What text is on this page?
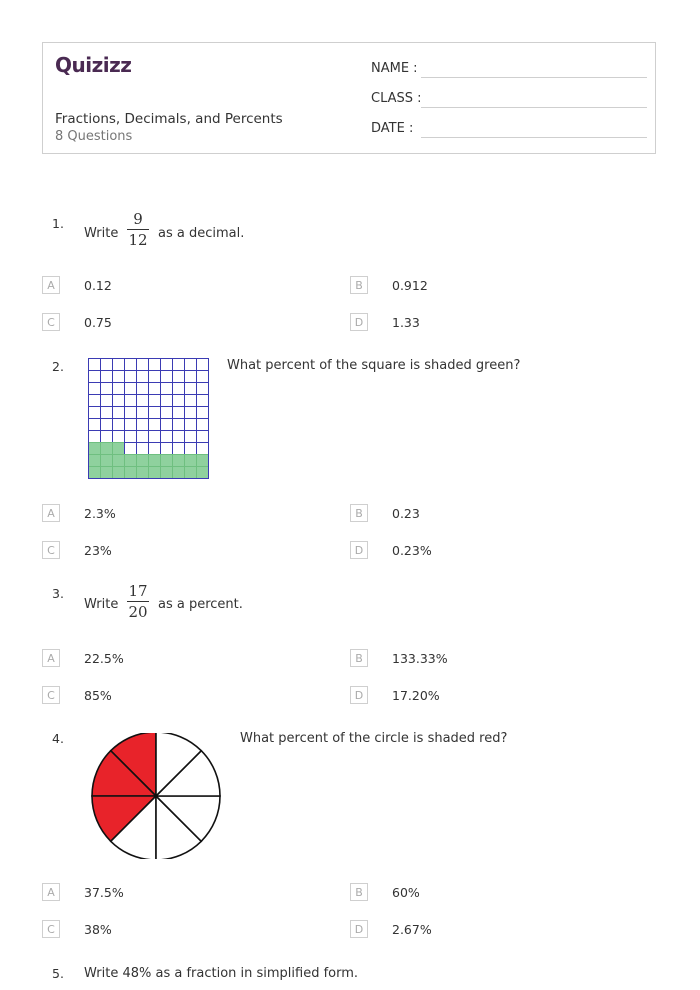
Quizizz
Fractions, Decimals, and Percents
8 Questions
NAME :
CLASS :
DATE :
1.
Write
9
12 as a decimal.
A	0.12	B	0.912
C	0.75	D	1.33
2.	What percent of the square is shaded green?
A	2.3%	B	0.23
C	23%	D	0.23%
3.
Write
17
20 as a percent.
A	22.5%	B	133.33%
C	85%	D	17.20%
4.	What percent of the circle is shaded red?
A	37.5%	B	60%
C	38%	D	2.67%
5. Write 48% as a fraction in simplified form.
